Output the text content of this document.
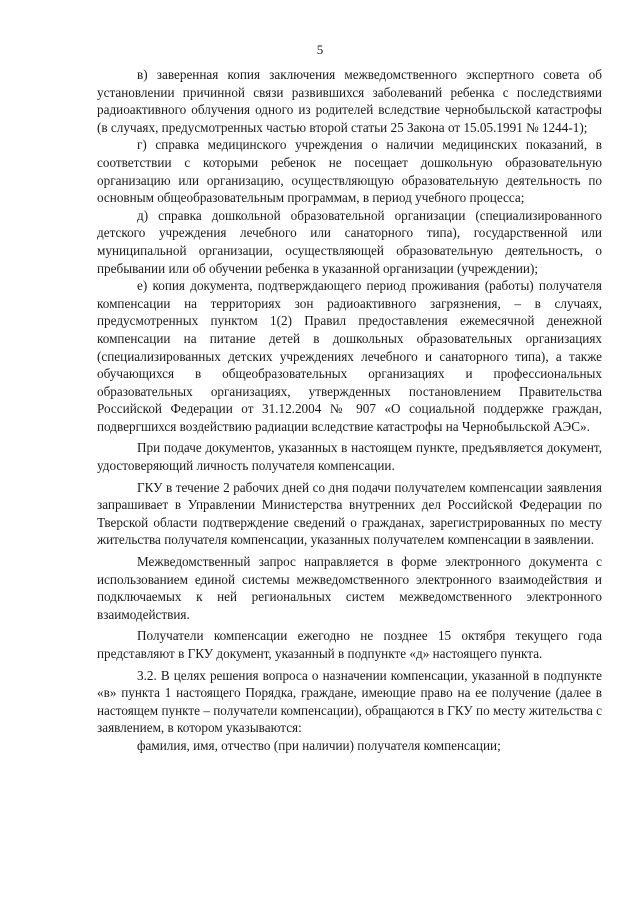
5

в) заверенная копия заключения межведомственного экспертного совета об установлении причинной связи развившихся заболеваний ребенка с последствиями радиоактивного облучения одного из родителей вследствие чернобыльской катастрофы (в случаях, предусмотренных частью второй статьи 25 Закона от 15.05.1991 № 1244-1);

г) справка медицинского учреждения о наличии медицинских показаний, в соответствии с которыми ребенок не посещает дошкольную образовательную организацию или организацию, осуществляющую образовательную деятельность по основным общеобразовательным программам, в период учебного процесса;

д) справка дошкольной образовательной организации (специализированного детского учреждения лечебного или санаторного типа), государственной или муниципальной организации, осуществляющей образовательную деятельность, о пребывании или об обучении ребенка в указанной организации (учреждении);

е) копия документа, подтверждающего период проживания (работы) получателя компенсации на территориях зон радиоактивного загрязнения, – в случаях, предусмотренных пунктом 1(2) Правил предоставления ежемесячной денежной компенсации на питание детей в дошкольных образовательных организациях (специализированных детских учреждениях лечебного и санаторного типа), а также обучающихся в общеобразовательных организациях и профессиональных образовательных организациях, утвержденных постановлением Правительства Российской Федерации от 31.12.2004 № 907 «О социальной поддержке граждан, подвергшихся воздействию радиации вследствие катастрофы на Чернобыльской АЭС».

При подаче документов, указанных в настоящем пункте, предъявляется документ, удостоверяющий личность получателя компенсации.

ГКУ в течение 2 рабочих дней со дня подачи получателем компенсации заявления запрашивает в Управлении Министерства внутренних дел Российской Федерации по Тверской области подтверждение сведений о гражданах, зарегистрированных по месту жительства получателя компенсации, указанных получателем компенсации в заявлении.

Межведомственный запрос направляется в форме электронного документа с использованием единой системы межведомственного электронного взаимодействия и подключаемых к ней региональных систем межведомственного электронного взаимодействия.

Получатели компенсации ежегодно не позднее 15 октября текущего года представляют в ГКУ документ, указанный в подпункте «д» настоящего пункта.

3.2. В целях решения вопроса о назначении компенсации, указанной в подпункте «в» пункта 1 настоящего Порядка, граждане, имеющие право на ее получение (далее в настоящем пункте – получатели компенсации), обращаются в ГКУ по месту жительства с заявлением, в котором указываются:

фамилия, имя, отчество (при наличии) получателя компенсации;
